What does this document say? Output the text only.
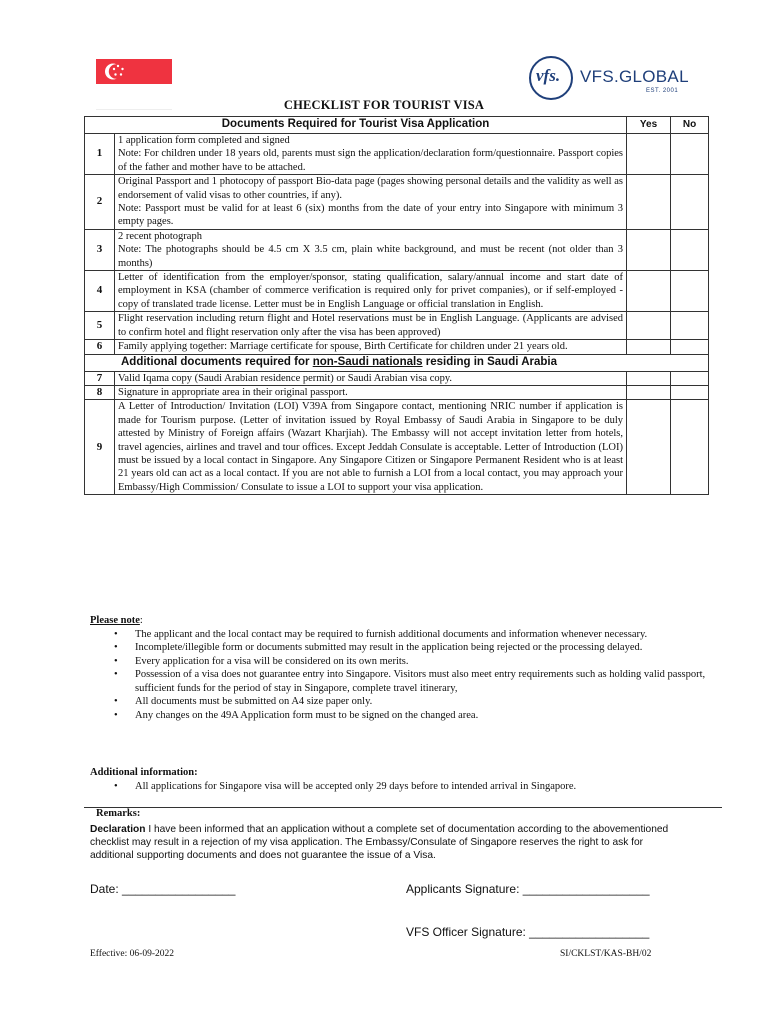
vfs. VFS.GLOBAL
EST. 2001
CHECKLIST FOR TOURIST VISA
Documents Required for Tourist Visa Application		Yes	No
1	1 application form completed and signed
Note: For children under 18 years old, parents must sign the application/declaration form/questionnaire. Passport copies of the father and mother have to be attached.		

2	Original Passport and 1 photocopy of passport Bio-data page (pages showing personal details and the validity as well as endorsement of valid visas to other countries, if any).
Note: Passport must be valid for at least 6 (six) months from the date of your entry into Singapore with minimum 3 empty pages.		

3	2 recent photograph
Note: The photographs should be 4.5 cm X 3.5 cm, plain white background, and must be recent (not older than 3 months)		

4	Letter of identification from the employer/sponsor, stating qualification, salary/annual income and start date of employment in KSA (chamber of commerce verification is required only for privet companies), or if self-employed - copy of translated trade license. Letter must be in English Language or official translation in English.		

5	Flight reservation including return flight and Hotel reservations must be in English Language. (Applicants are advised to confirm hotel and flight reservation only after the visa has been approved)		

6	Family applying together: Marriage certificate for spouse, Birth Certificate for children under 21 years old.		

Additional documents required for non-Saudi nationals residing in Saudi Arabia			
7	Valid Iqama copy (Saudi Arabian residence permit) or Saudi Arabian visa copy.		

8	Signature in appropriate area in their original passport.		

9	A Letter of Introduction/ Invitation (LOI) V39A from Singapore contact, mentioning NRIC number if application is made for Tourism purpose. (Letter of invitation issued by Royal Embassy of Saudi Arabia in Singapore to be duly attested by Ministry of Foreign affairs (Wazart Kharjiah). The Embassy will not accept invitation letter from hotels, travel agencies, airlines and travel and tour offices. Except Jeddah Consulate is acceptable. Letter of Introduction (LOI) must be issued by a local contact in Singapore. Any Singapore Citizen or Singapore Permanent Resident who is at least 21 years old can act as a local contact. If you are not able to furnish a LOI from a local contact, you may approach your Embassy/High Commission/ Consulate to issue a LOI to support your visa application.		

Please note:
• The applicant and the local contact may be required to furnish additional documents and information whenever necessary.
• Incomplete/illegible form or documents submitted may result in the application being rejected or the processing delayed.
• Every application for a visa will be considered on its own merits.
• Possession of a visa does not guarantee entry into Singapore. Visitors must also meet entry requirements such as holding valid passport, sufficient funds for the period of stay in Singapore, complete travel itinerary,
• All documents must be submitted on A4 size paper only.
• Any changes on the 49A Application form must to be signed on the changed area.
Additional information:
• All applications for Singapore visa will be accepted only 29 days before to intended arrival in Singapore.
Remarks:
Declaration I have been informed that an application without a complete set of documentation according to the abovementioned checklist may result in a rejection of my visa application. The Embassy/Consulate of Singapore reserves the right to ask for additional supporting documents and does not guarantee the issue of a Visa.
Date: _________________	Applicants Signature: ___________________
VFS Officer Signature: __________________
Effective: 06-09-2022	SI/CKLST/KAS-BH/02
